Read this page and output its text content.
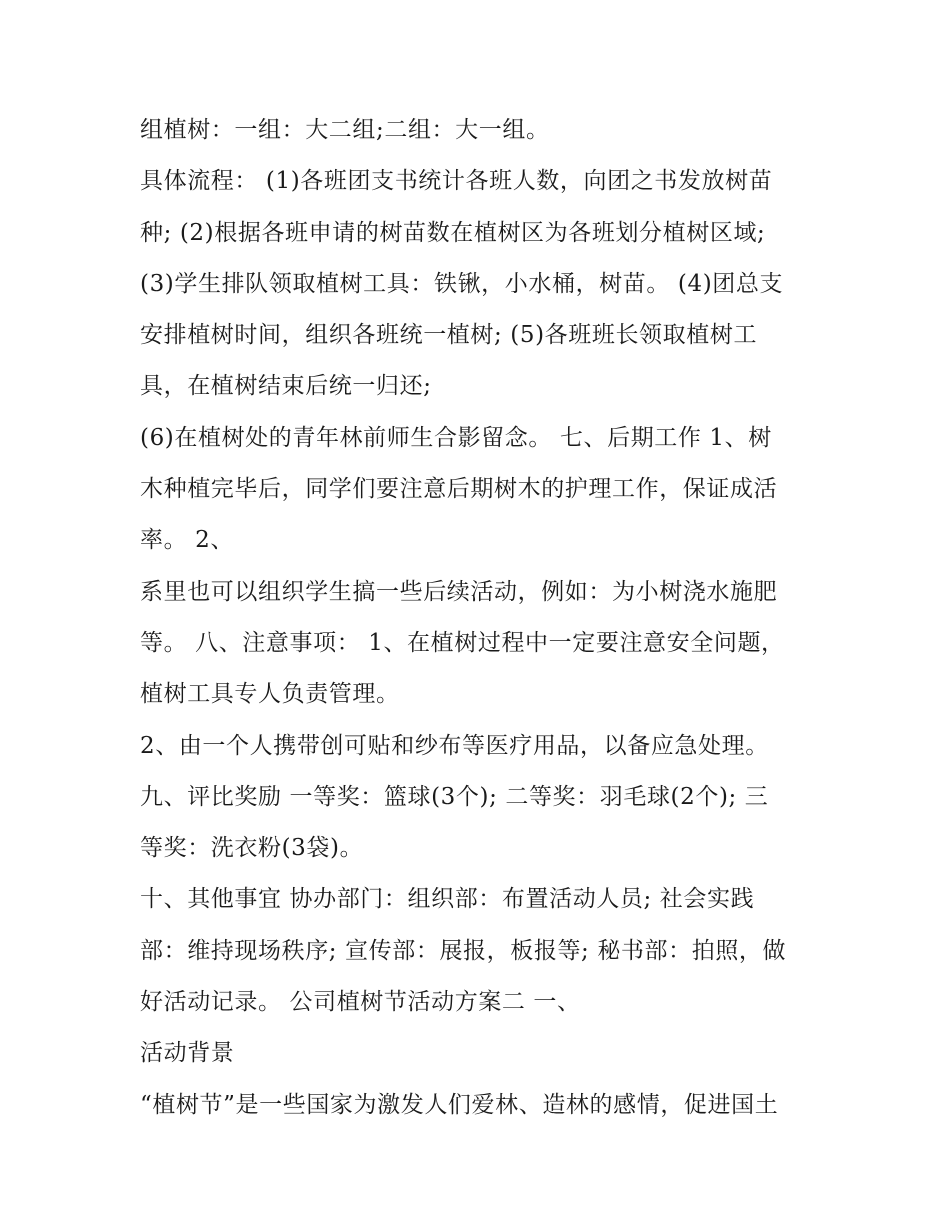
组植树：一组：大二组;二组：大一组。
具体流程： (1)各班团支书统计各班人数，向团之书发放树苗
种; (2)根据各班申请的树苗数在植树区为各班划分植树区域;
(3)学生排队领取植树工具：铁锹，小水桶，树苗。 (4)团总支
安排植树时间，组织各班统一植树; (5)各班班长领取植树工
具，在植树结束后统一归还;
(6)在植树处的青年林前师生合影留念。 七、后期工作 1、树
木种植完毕后，同学们要注意后期树木的护理工作，保证成活
率。 2、
系里也可以组织学生搞一些后续活动，例如：为小树浇水施肥
等。 八、注意事项： 1、在植树过程中一定要注意安全问题，
植树工具专人负责管理。
2、由一个人携带创可贴和纱布等医疗用品，以备应急处理。
九、评比奖励 一等奖：篮球(3个); 二等奖：羽毛球(2个); 三
等奖：洗衣粉(3袋)。
十、其他事宜 协办部门：组织部：布置活动人员; 社会实践
部：维持现场秩序; 宣传部：展报，板报等; 秘书部：拍照，做
好活动记录。 公司植树节活动方案二 一、
活动背景
“植树节”是一些国家为激发人们爱林、造林的感情，促进国土
